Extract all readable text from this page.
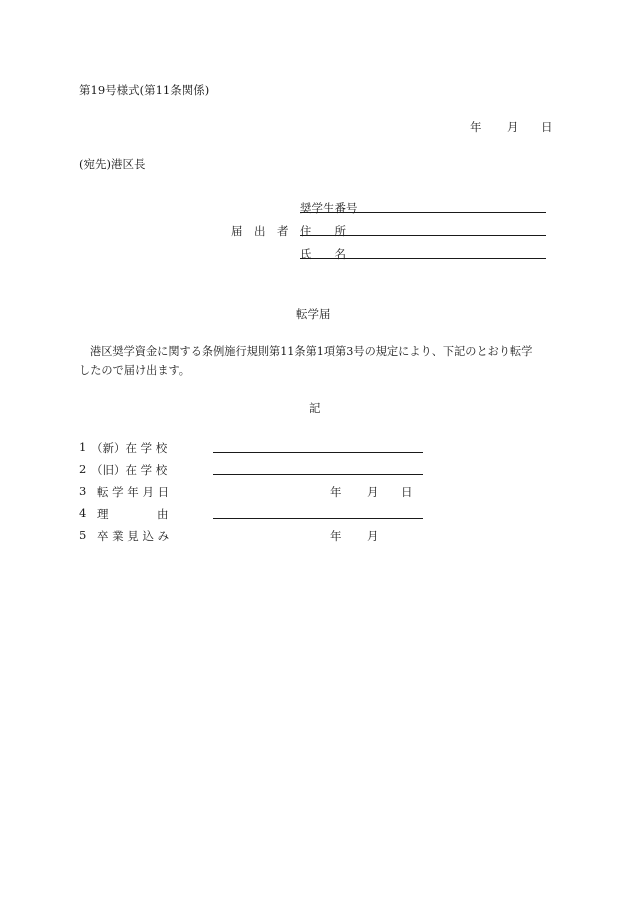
第19号様式(第11条関係)
年 月 日
(宛先)港区長
届　出　者
奨学生番号
住　　所
氏　　名
転学届
港区奨学資金に関する条例施行規則第11条第1項第3号の規定により、下記のとおり転学
したので届け出ます。
記
1 （新）在 学 校
2 （旧）在 学 校
3 転 学 年 月 日	年 月 日
4 理　　　　由
5 卒 業 見 込 み	年 月
